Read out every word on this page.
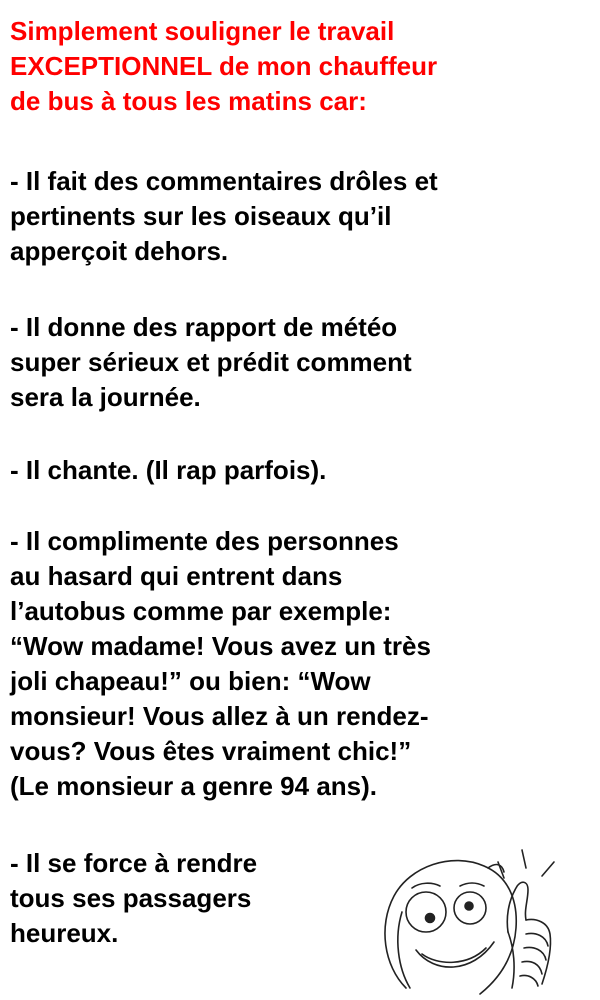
Simplement souligner le travail
EXCEPTIONNEL de mon chauffeur
de bus à tous les matins car:

- Il fait des commentaires drôles et
pertinents sur les oiseaux qu’il
apperçoit dehors.

- Il donne des rapport de météo
super sérieux et prédit comment
sera la journée.

- Il chante. (Il rap parfois).

- Il complimente des personnes
au hasard qui entrent dans
l’autobus comme par exemple:
“Wow madame! Vous avez un très
joli chapeau!” ou bien: “Wow
monsieur! Vous allez à un rendez-
vous? Vous êtes vraiment chic!”
(Le monsieur a genre 94 ans).

- Il se force à rendre
tous ses passagers
heureux.
